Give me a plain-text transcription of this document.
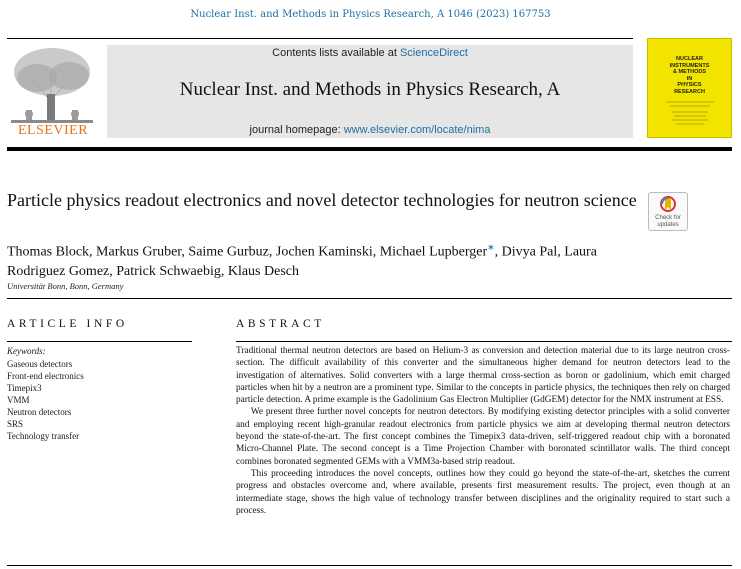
Nuclear Inst. and Methods in Physics Research, A 1046 (2023) 167753
ELSEVIER
Contents lists available at ScienceDirect
Nuclear Inst. and Methods in Physics Research, A
journal homepage: www.elsevier.com/locate/nima
NUCLEAR
INSTRUMENTS
& METHODS
IN
PHYSICS
RESEARCH
Particle physics readout electronics and novel detector technologies for neutron science
Check for updates
Thomas Block, Markus Gruber, Saime Gurbuz, Jochen Kaminski, Michael Lupberger∗, Divya Pal, Laura Rodriguez Gomez, Patrick Schwaebig, Klaus Desch
Universität Bonn, Bonn, Germany
ARTICLE INFO
Keywords:
Gaseous detectors
Front-end electronics
Timepix3
VMM
Neutron detectors
SRS
Technology transfer
ABSTRACT

Traditional thermal neutron detectors are based on Helium-3 as conversion and detection material due to its large neutron cross-section. The difficult availability of this converter and the simultaneous higher demand for neutron detectors lead to the investigation of alternatives. Solid converters with a large thermal cross-section as boron or gadolinium, which emit charged particles when hit by a neutron are a prominent type. Similar to the concepts in particle physics, the techniques then rely on charged particle detection. A prime example is the Gadolinium Gas Electron Multiplier (GdGEM) detector for the NMX instrument at ESS.

We present three further novel concepts for neutron detectors. By modifying existing detector principles with a solid converter and employing recent high-granular readout electronics from particle physics we aim at developing thermal neutron detectors beyond the state-of-the-art. The first concept combines the Timepix3 data-driven, self-triggered readout chip with a boronated Micro-Channel Plate. The second concept is a Time Projection Chamber with boronated scintillator walls. The third concept combines boronated segmented GEMs with a VMM3a-based strip readout.

This proceeding introduces the novel concepts, outlines how they could go beyond the state-of-the-art, sketches the current progress and obstacles overcome and, where available, presents first measurement results. The project, even though at an intermediate stage, shows the high value of technology transfer between disciplines and the originality required to start such a process.
